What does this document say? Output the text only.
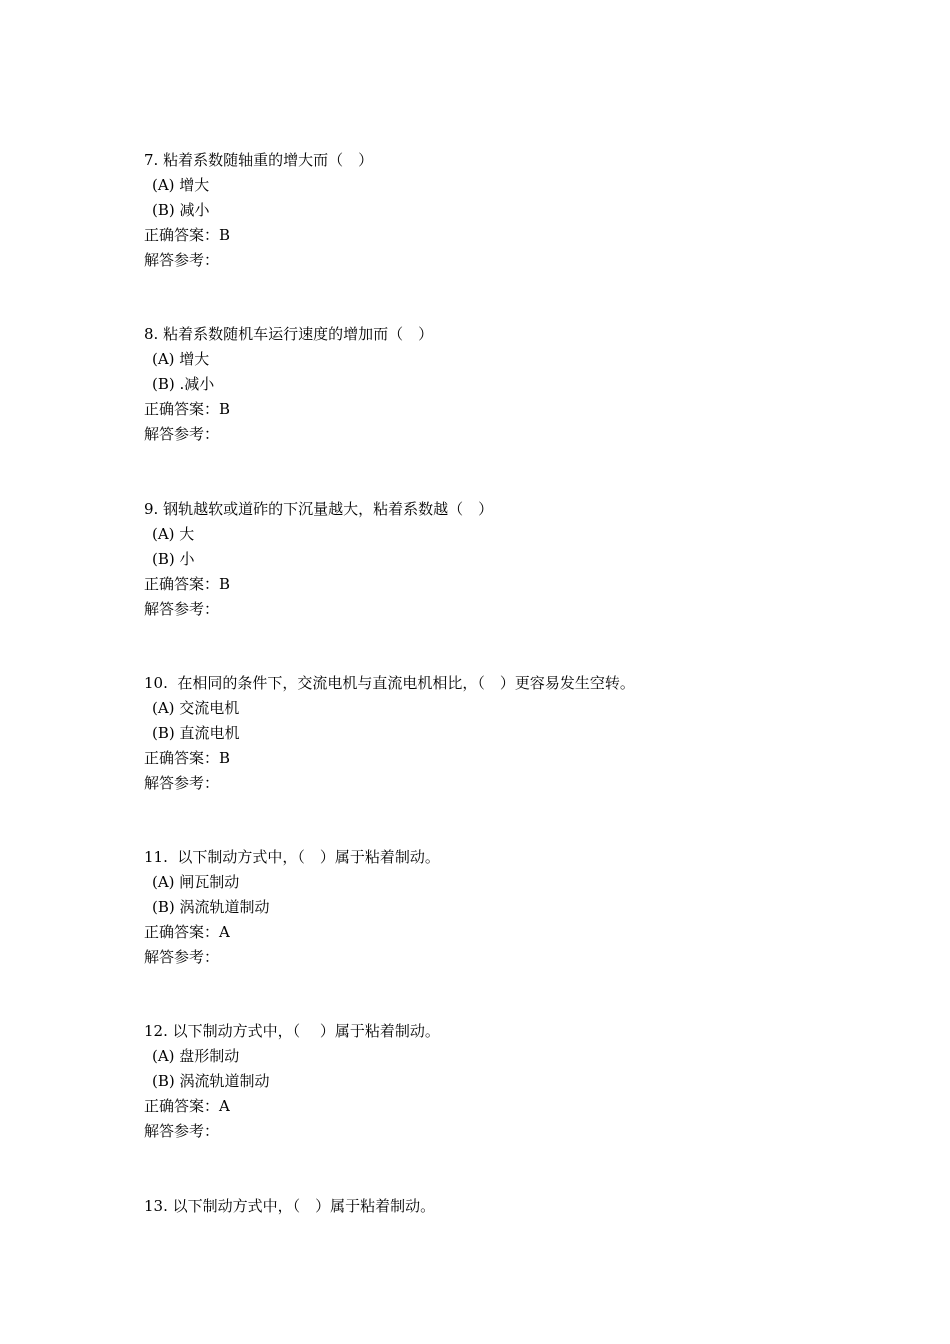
7. 粘着系数随轴重的增大而（　）
(A) 增大
(B) 减小
正确答案：B
解答参考：
8. 粘着系数随机车运行速度的增加而（　）
(A) 增大
(B) .减小
正确答案：B
解答参考：
9. 钢轨越软或道砟的下沉量越大，粘着系数越（　）
(A) 大
(B) 小
正确答案：B
解答参考：
10.  在相同的条件下，交流电机与直流电机相比，（　）更容易发生空转。
(A) 交流电机
(B) 直流电机
正确答案：B
解答参考：
11.  以下制动方式中，（　）属于粘着制动。
(A) 闸瓦制动
(B) 涡流轨道制动
正确答案：A
解答参考：
12. 以下制动方式中，（　 ）属于粘着制动。
(A) 盘形制动
(B) 涡流轨道制动
正确答案：A
解答参考：
13. 以下制动方式中，（　）属于粘着制动。
